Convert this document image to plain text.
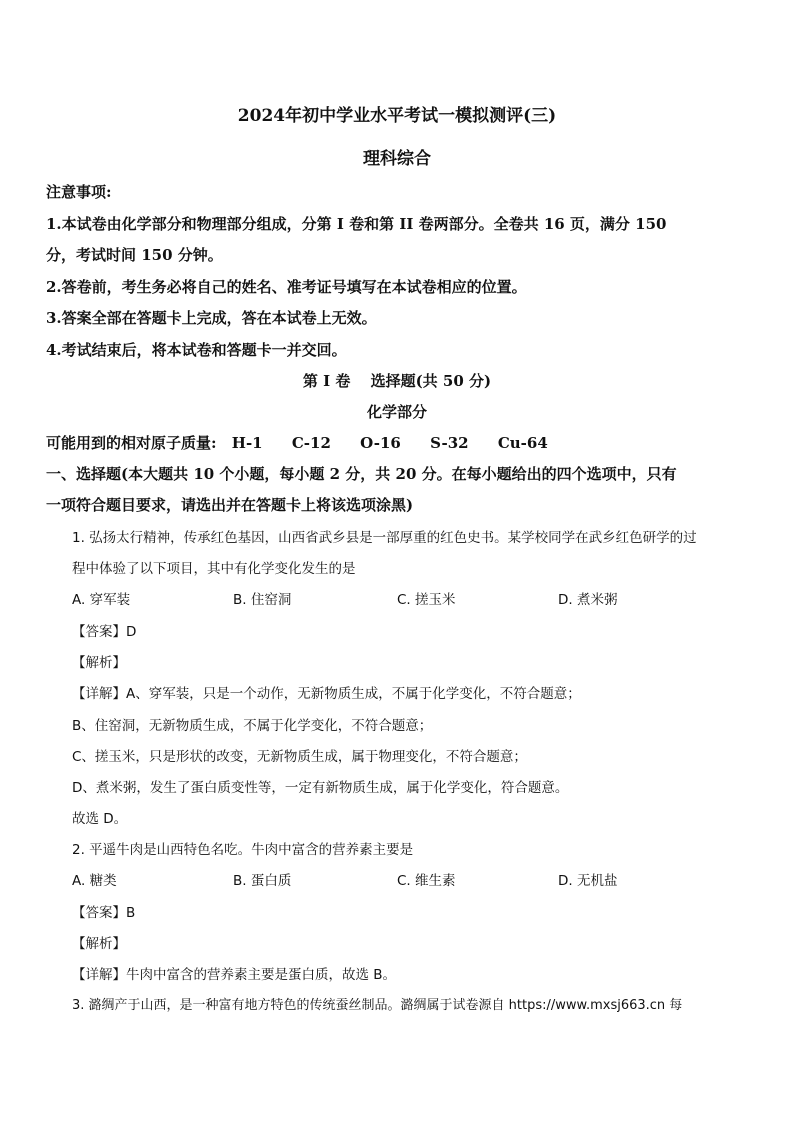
2024年初中学业水平考试一模拟测评(三)
理科综合
注意事项:
1.本试卷由化学部分和物理部分组成，分第 I 卷和第 II 卷两部分。全卷共 16 页，满分 150
分，考试时间 150 分钟。
2.答卷前，考生务必将自己的姓名、准考证号填写在本试卷相应的位置。
3.答案全部在答题卡上完成，答在本试卷上无效。
4.考试结束后，将本试卷和答题卡一并交回。
第 I 卷　 选择题(共 50 分)
化学部分
可能用到的相对原子质量: H-1 C-12 O-16 S-32 Cu-64
一、选择题(本大题共 10 个小题，每小题 2 分，共 20 分。在每小题给出的四个选项中，只有
一项符合题目要求，请选出并在答题卡上将该选项涂黑)
1. 弘扬太行精神，传承红色基因，山西省武乡县是一部厚重的红色史书。某学校同学在武乡红色研学的过
程中体验了以下项目，其中有化学变化发生的是
A. 穿军装	B. 住窑洞	C. 搓玉米	D. 煮米粥
【答案】D
【解析】
【详解】A、穿军装，只是一个动作，无新物质生成，不属于化学变化，不符合题意；
B、住窑洞，无新物质生成，不属于化学变化，不符合题意；
C、搓玉米，只是形状的改变，无新物质生成，属于物理变化，不符合题意；
D、煮米粥，发生了蛋白质变性等，一定有新物质生成，属于化学变化，符合题意。
故选 D。
2. 平遥牛肉是山西特色名吃。牛肉中富含的营养素主要是
A. 糖类	B. 蛋白质	C. 维生素	D. 无机盐
【答案】B
【解析】
【详解】牛肉中富含的营养素主要是蛋白质，故选 B。
3. 潞绸产于山西，是一种富有地方特色的传统蚕丝制品。潞绸属于试卷源自 https://www.mxsj663.cn 每
